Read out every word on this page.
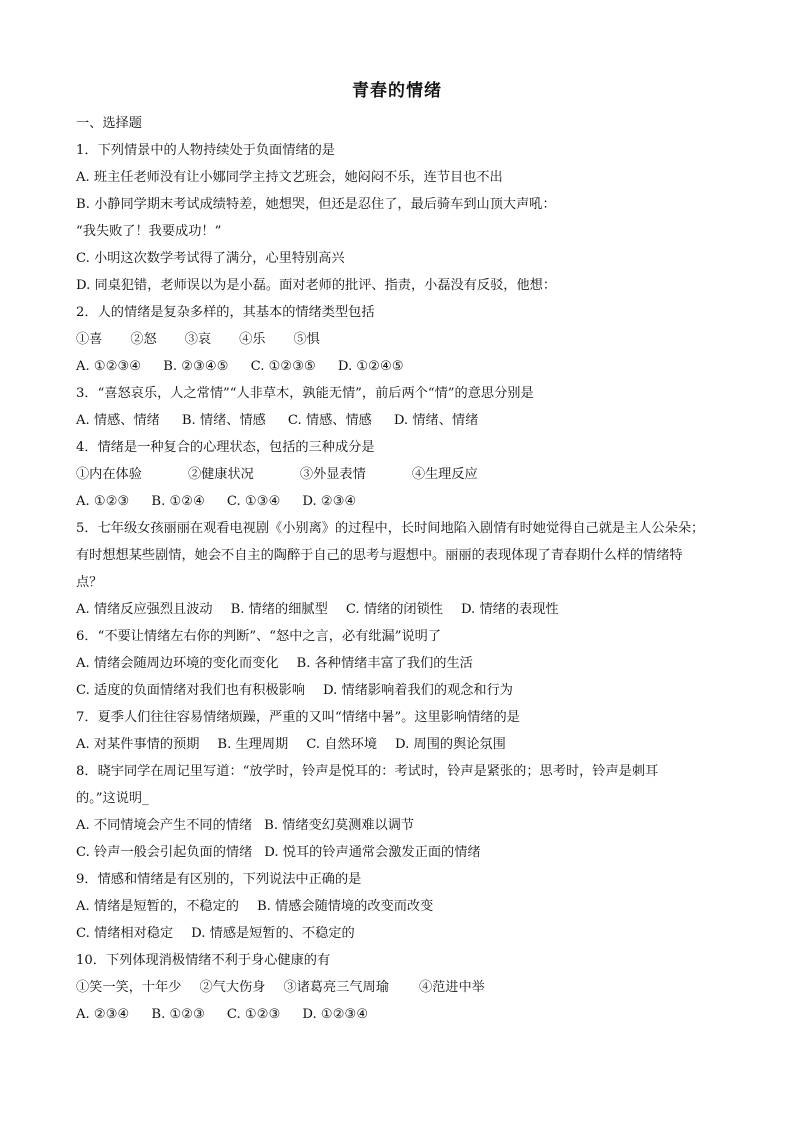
青春的情绪
一、选择题
1．下列情景中的人物持续处于负面情绪的是
A. 班主任老师没有让小娜同学主持文艺班会，她闷闷不乐，连节目也不出
B. 小静同学期末考试成绩特差，她想哭，但还是忍住了，最后骑车到山顶大声吼：
“我失败了！我要成功！”
C. 小明这次数学考试得了满分，心里特别高兴
D. 同桌犯错，老师误以为是小磊。面对老师的批评、指责，小磊没有反驳，他想：
2．人的情绪是复杂多样的，其基本的情绪类型包括
①喜 ②怒 ③哀 ④乐 ⑤惧
A. ①②③④ B. ②③④⑤ C. ①②③⑤ D. ①②④⑤
3．“喜怒哀乐，人之常情”“人非草木，孰能无情”，前后两个“情”的意思分别是
A. 情感、情绪 B. 情绪、情感 C. 情感、情感 D. 情绪、情绪
4．情绪是一种复合的心理状态，包括的三种成分是
①内在体验	②健康状况	③外显表情	④生理反应
A. ①②③ B. ①②④ C. ①③④ D. ②③④
5．七年级女孩丽丽在观看电视剧《小别离》的过程中，长时间地陷入剧情有时她觉得自己就是主人公朵朵；
有时想想某些剧情，她会不自主的陶醉于自己的思考与遐想中。丽丽的表现体现了青春期什么样的情绪特
点？
A. 情绪反应强烈且波动 B. 情绪的细腻型 C. 情绪的闭锁性 D. 情绪的表现性
6．“不要让情绪左右你的判断”、“怒中之言，必有纰漏”说明了
A. 情绪会随周边环境的变化而变化 B. 各种情绪丰富了我们的生活
C. 适度的负面情绪对我们也有积极影响 D. 情绪影响着我们的观念和行为
7．夏季人们往往容易情绪烦躁，严重的又叫“情绪中暑”。这里影响情绪的是
A. 对某件事情的预期 B. 生理周期 C. 自然环境 D. 周围的舆论氛围
8．晓宇同学在周记里写道：“放学时，铃声是悦耳的：考试时，铃声是紧张的；思考时，铃声是刺耳
的。”这说明_
A. 不同情境会产生不同的情绪 B. 情绪变幻莫测难以调节
C. 铃声一般会引起负面的情绪 D. 悦耳的铃声通常会激发正面的情绪
9．情感和情绪是有区别的，下列说法中正确的是
A. 情绪是短暂的，不稳定的 B. 情感会随情境的改变而改变
C. 情绪相对稳定 D. 情感是短暂的、不稳定的
10．下列体现消极情绪不利于身心健康的有
①笑一笑，十年少 ②气大伤身 ③诸葛亮三气周瑜 ④范进中举
A. ②③④ B. ①②③ C. ①②③ D. ①②③④
